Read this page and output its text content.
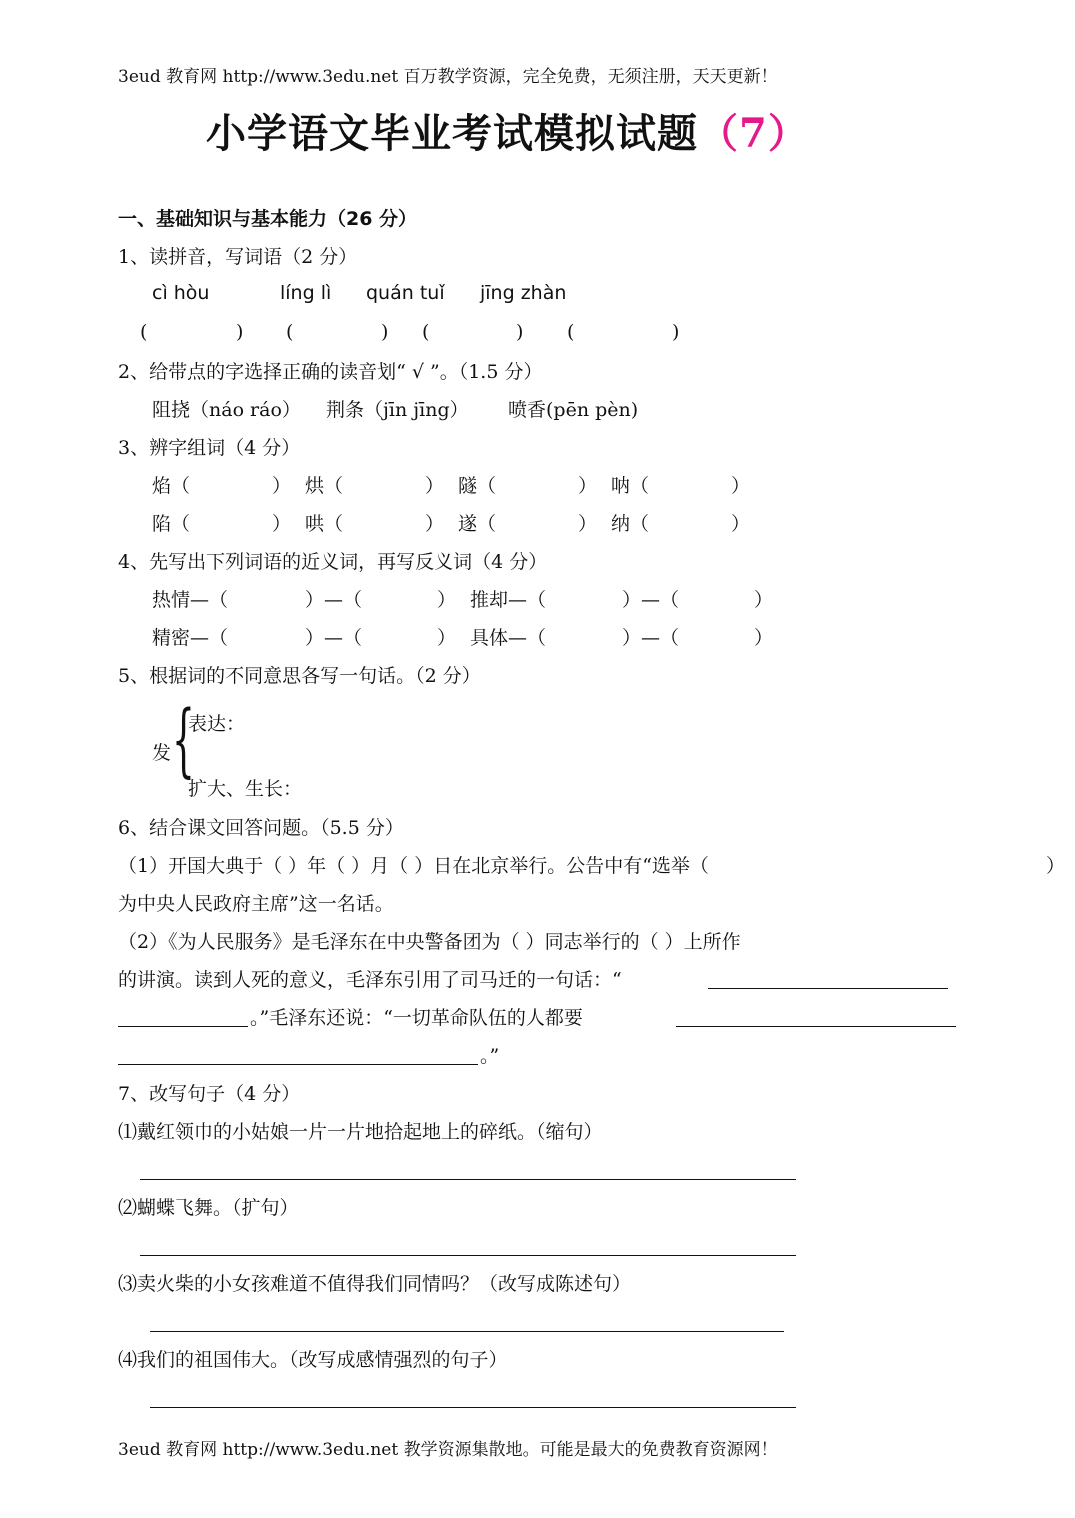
3eud 教育网 http://www.3edu.net 百万教学资源，完全免费，无须注册，天天更新！
小学语文毕业考试模拟试题（7）
一、基础知识与基本能力（26 分）
1、读拼音，写词语（2 分）
cì hòu	líng lì quán tuǐ jīng zhàn
(	) (	) (	) (	)
2、给带点的字选择正确的读音划“ √ ”。（1.5 分）
阻挠（náo ráo） 荆条（jīn jīng） 喷香(pēn pèn)
3、辨字组词（4 分）
焰（	） 烘（	） 隧（	） 呐（	）
陷（	） 哄（	） 遂（	） 纳（	）
4、先写出下列词语的近义词，再写反义词（4 分）
热情—（	）—（	） 推却—（	）—（	）
精密—（	）—（	） 具体—（	）—（	）
5、根据词的不同意思各写一句话。（2 分）
发 {
表达：
扩大、生长：
6、结合课文回答问题。（5.5 分）
（1）开国大典于（ ）年（ ）月（ ）日在北京举行。公告中有“选举（	）
为中央人民政府主席”这一名话。
（2）《为人民服务》是毛泽东在中央警备团为（ ）同志举行的（ ）上所作
的讲演。读到人死的意义，毛泽东引用了司马迁的一句话：“
。”毛泽东还说：“一切革命队伍的人都要
。”
7、改写句子（4 分）
⑴戴红领巾的小姑娘一片一片地拾起地上的碎纸。（缩句）
⑵蝴蝶飞舞。（扩句）
⑶卖火柴的小女孩难道不值得我们同情吗？（改写成陈述句）
⑷我们的祖国伟大。（改写成感情强烈的句子）
3eud 教育网 http://www.3edu.net 教学资源集散地。可能是最大的免费教育资源网！
